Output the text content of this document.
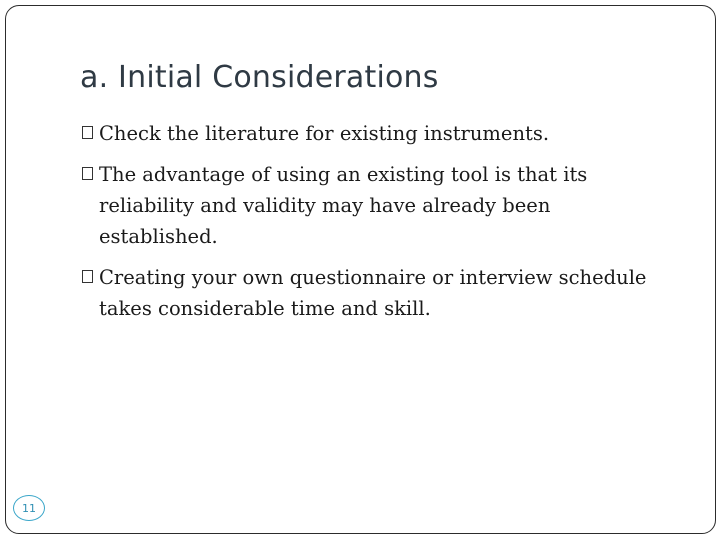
a. Initial Considerations
Check the literature for existing instruments.
The advantage of using an existing tool is that its reliability and validity may have already been established.
Creating your own questionnaire or interview schedule takes considerable time and skill.
11
